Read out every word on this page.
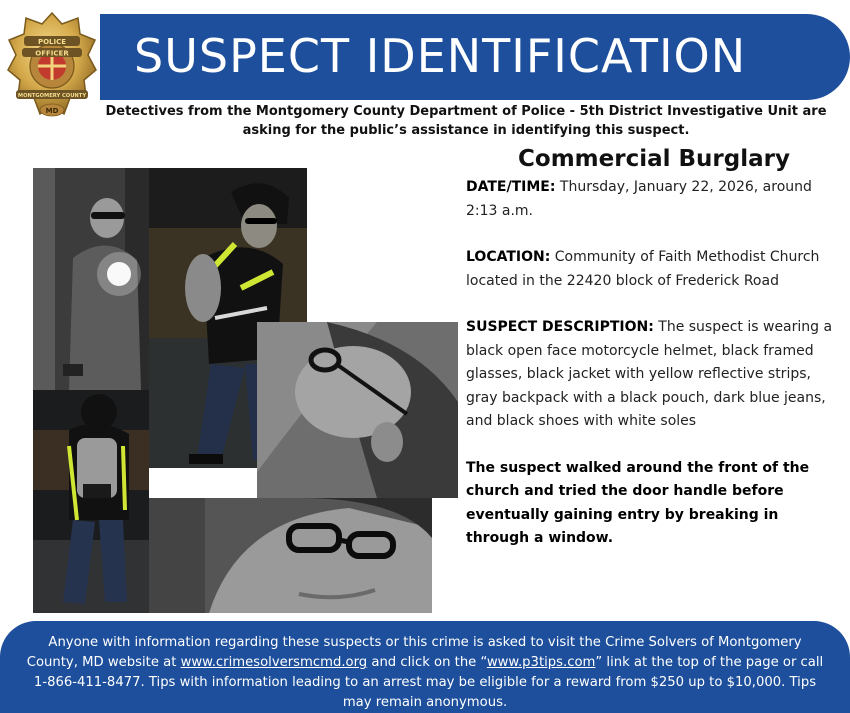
SUSPECT IDENTIFICATION
POLICE
OFFICER
MONTGOMERY COUNTY
MD	Detectives from the Montgomery County Department of Police - 5th District Investigative Unit are
asking for the public’s assistance in identifying this suspect.
Commercial Burglary

DATE/TIME: Thursday, January 22, 2026, around 2:13 a.m.

LOCATION: Community of Faith Methodist Church located in the 22420 block of Frederick Road

SUSPECT DESCRIPTION: The suspect is wearing a black open face motorcycle helmet, black framed glasses, black jacket with yellow reflective strips, gray backpack with a black pouch, dark blue jeans, and black shoes with white soles

The suspect walked around the front of the church and tried the door handle before eventually gaining entry by breaking in through a window.

Anyone with information regarding these suspects or this crime is asked to visit the Crime Solvers of Montgomery County, MD website at www.crimesolversmcmd.org and click on the “www.p3tips.com” link at the top of the page or call 1-866-411-8477. Tips with information leading to an arrest may be eligible for a reward from $250 up to $10,000. Tips may remain anonymous.
